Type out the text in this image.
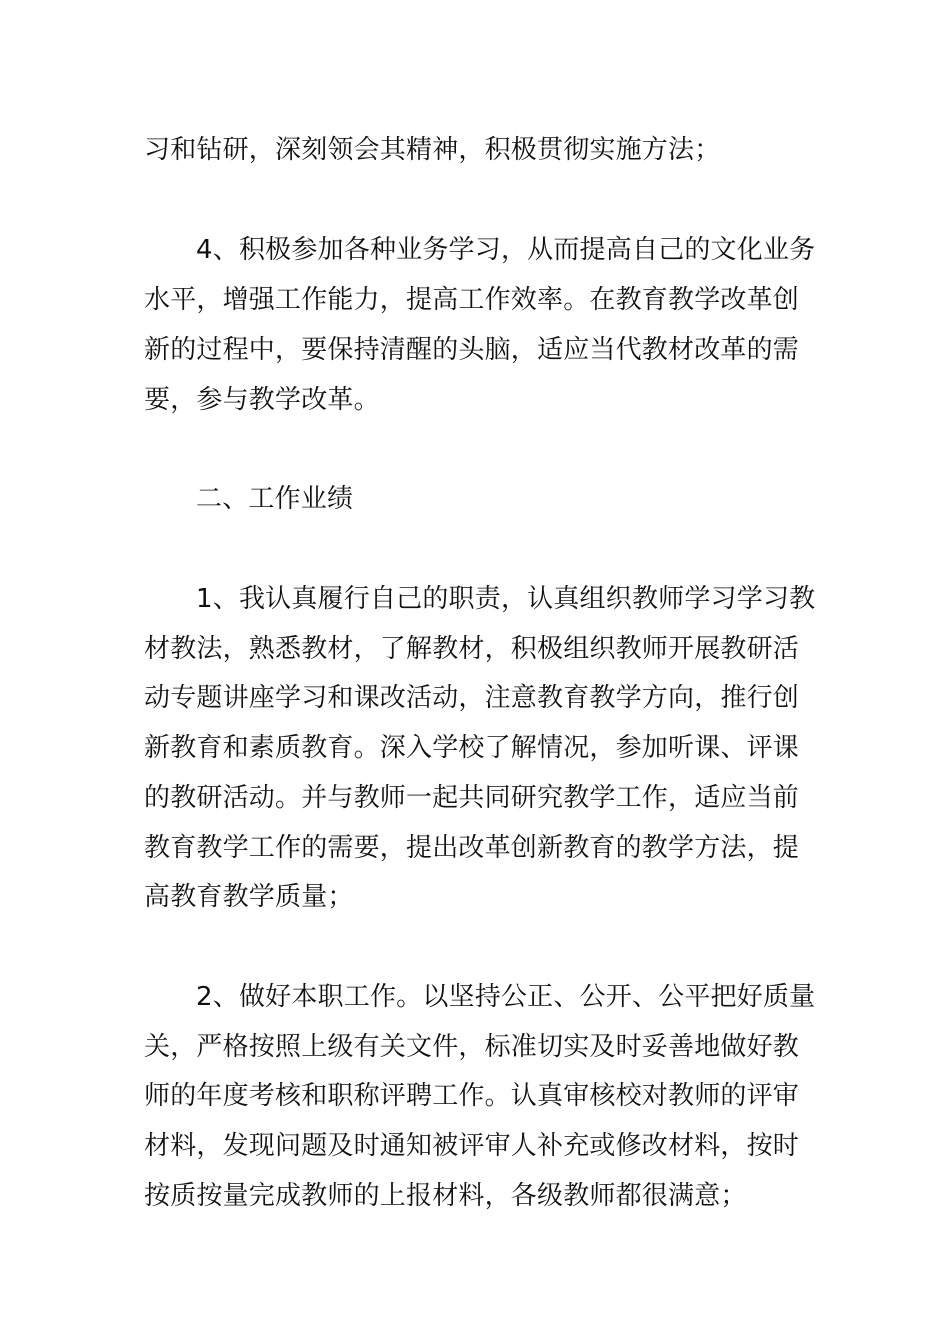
习和钻研，深刻领会其精神，积极贯彻实施方法；

4、积极参加各种业务学习，从而提高自己的文化业务

水平，增强工作能力，提高工作效率。在教育教学改革创

新的过程中，要保持清醒的头脑，适应当代教材改革的需

要，参与教学改革。

二、工作业绩

1、我认真履行自己的职责，认真组织教师学习学习教

材教法，熟悉教材，了解教材，积极组织教师开展教研活

动专题讲座学习和课改活动，注意教育教学方向，推行创

新教育和素质教育。深入学校了解情况，参加听课、评课

的教研活动。并与教师一起共同研究教学工作，适应当前

教育教学工作的需要，提出改革创新教育的教学方法，提

高教育教学质量；

2、做好本职工作。以坚持公正、公开、公平把好质量

关，严格按照上级有关文件，标准切实及时妥善地做好教

师的年度考核和职称评聘工作。认真审核校对教师的评审

材料，发现问题及时通知被评审人补充或修改材料，按时

按质按量完成教师的上报材料，各级教师都很满意；
